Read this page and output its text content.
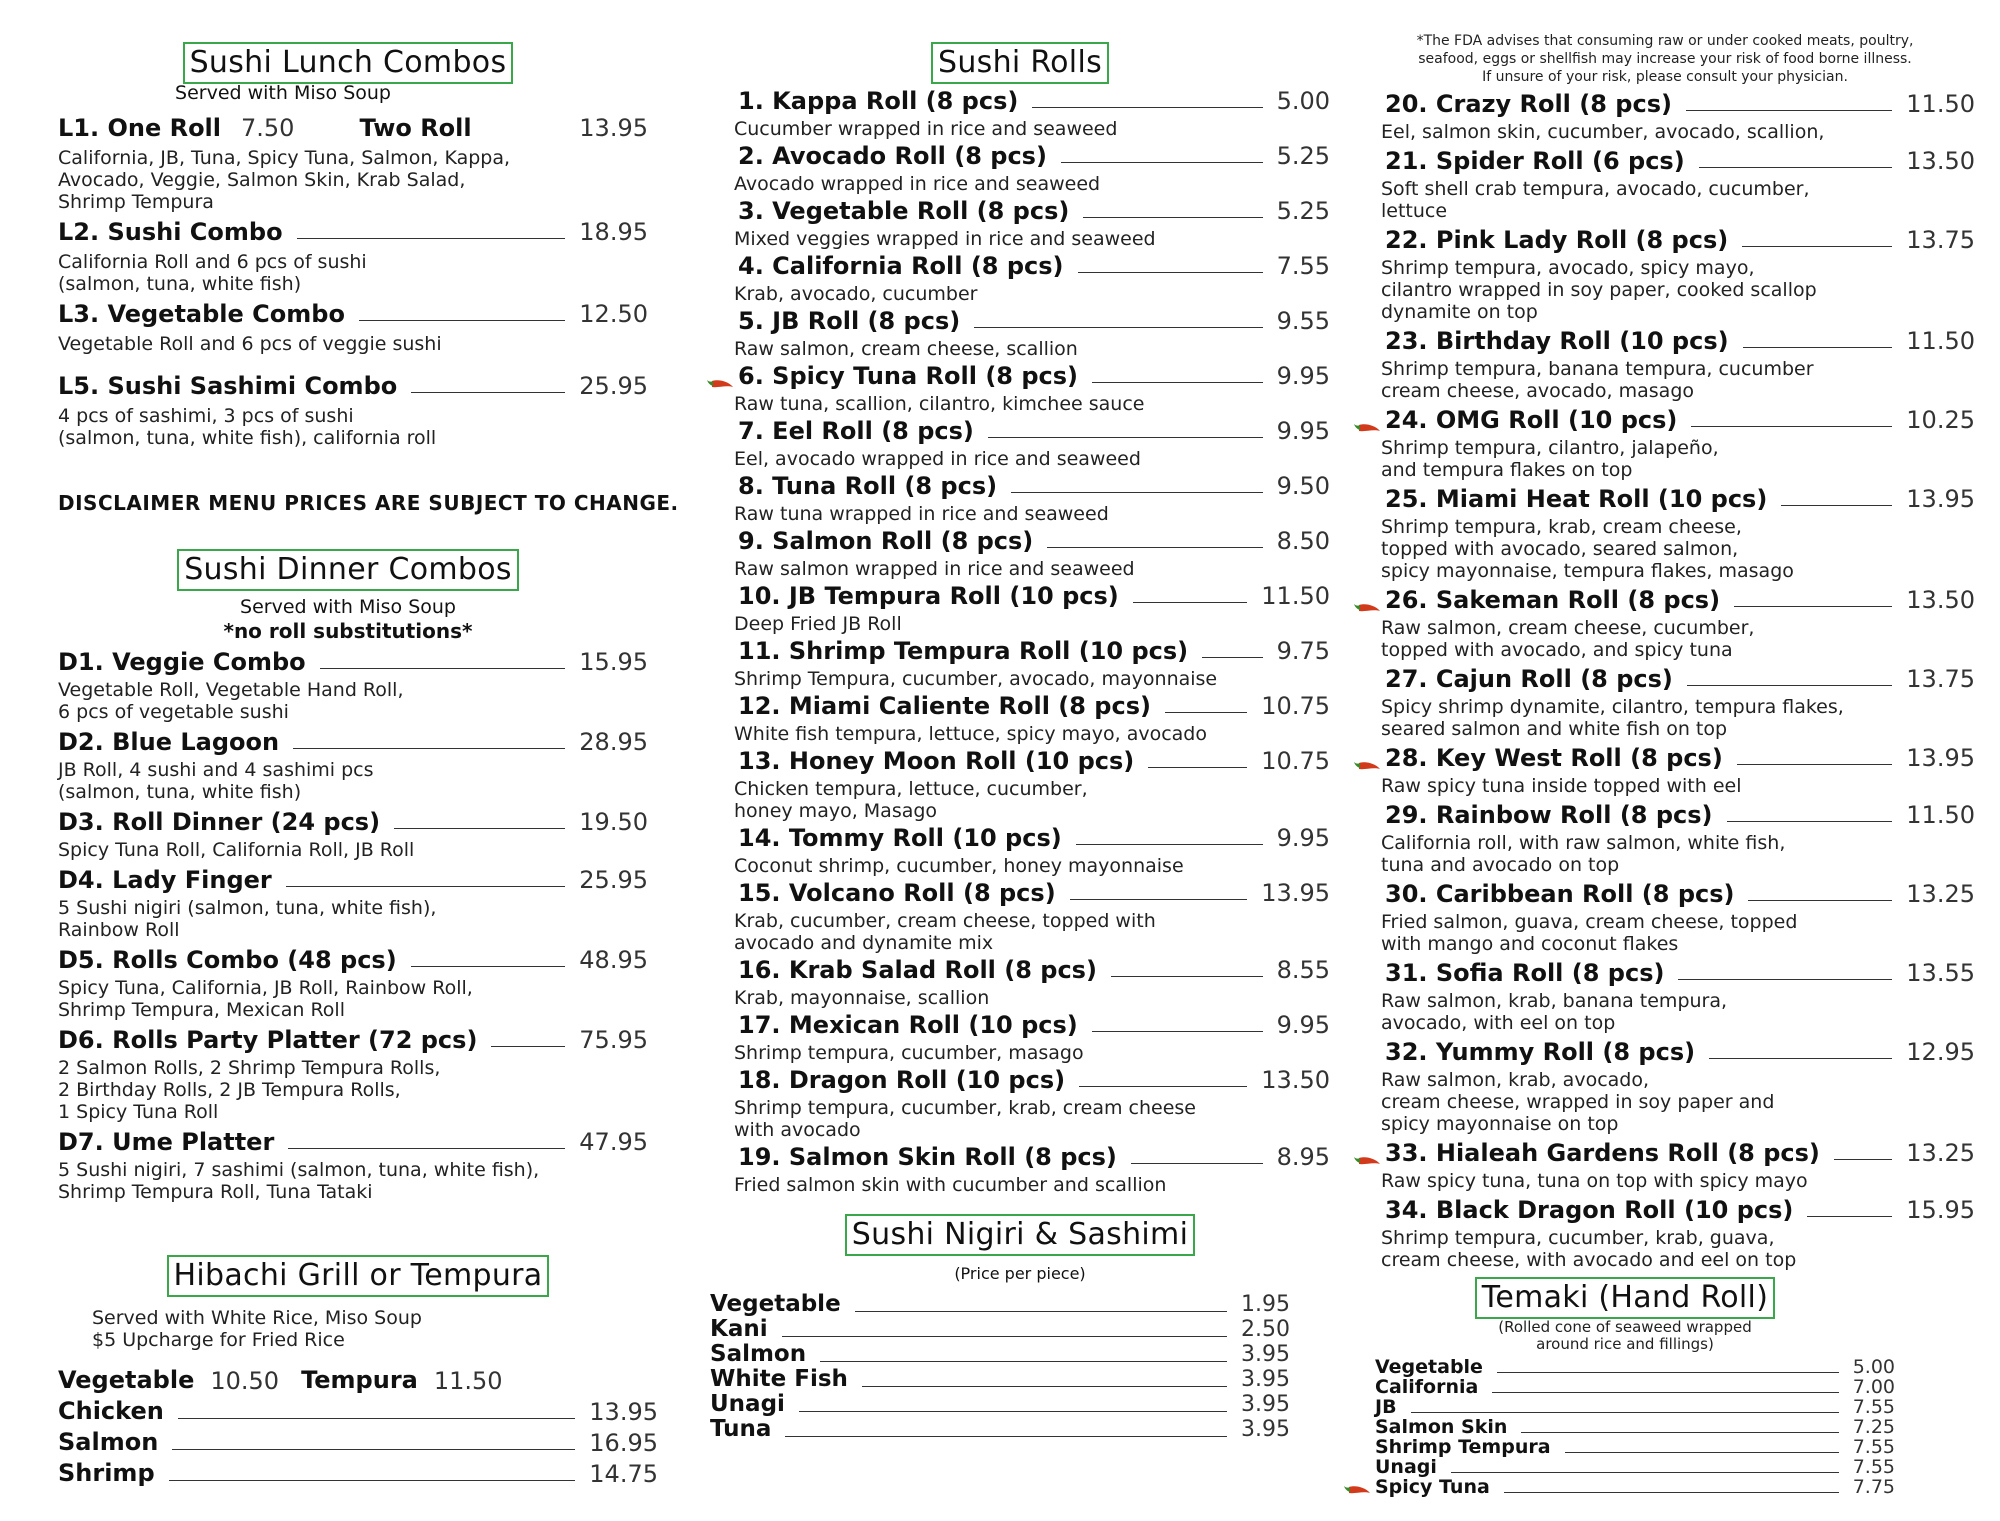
Sushi Lunch Combos
Served with Miso Soup
L1. One Roll 7.50	Two Roll	13.95
California, JB, Tuna, Spicy Tuna, Salmon, Kappa,
Avocado, Veggie, Salmon Skin, Krab Salad,
Shrimp Tempura
L2. Sushi Combo	18.95
California Roll and 6 pcs of sushi
(salmon, tuna, white fish)
L3. Vegetable Combo	12.50
Vegetable Roll and 6 pcs of veggie sushi
L5. Sushi Sashimi Combo	25.95
4 pcs of sashimi, 3 pcs of sushi
(salmon, tuna, white fish), california roll
DISCLAIMER MENU PRICES ARE SUBJECT TO CHANGE.
Sushi Dinner Combos
Served with Miso Soup
*no roll substitutions*
D1. Veggie Combo	15.95
Vegetable Roll, Vegetable Hand Roll,
6 pcs of vegetable sushi
D2. Blue Lagoon	28.95
JB Roll, 4 sushi and 4 sashimi pcs
(salmon, tuna, white fish)
D3. Roll Dinner (24 pcs)	19.50
Spicy Tuna Roll, California Roll, JB Roll
D4. Lady Finger	25.95
5 Sushi nigiri (salmon, tuna, white fish),
Rainbow Roll
D5. Rolls Combo (48 pcs)	48.95
Spicy Tuna, California, JB Roll, Rainbow Roll,
Shrimp Tempura, Mexican Roll
D6. Rolls Party Platter (72 pcs)	75.95
2 Salmon Rolls, 2 Shrimp Tempura Rolls,
2 Birthday Rolls, 2 JB Tempura Rolls,
1 Spicy Tuna Roll
D7. Ume Platter	47.95
5 Sushi nigiri, 7 sashimi (salmon, tuna, white fish),
Shrimp Tempura Roll, Tuna Tataki
Hibachi Grill or Tempura
Served with White Rice, Miso Soup
$5 Upcharge for Fried Rice
Vegetable 10.50 Tempura 11.50
Chicken	13.95
Salmon	16.95
Shrimp	14.75
Sushi Rolls
1. Kappa Roll (8 pcs)	5.00
Cucumber wrapped in rice and seaweed
2. Avocado Roll (8 pcs)	5.25
Avocado wrapped in rice and seaweed
3. Vegetable Roll (8 pcs)	5.25
Mixed veggies wrapped in rice and seaweed
4. California Roll (8 pcs)	7.55
Krab, avocado, cucumber
5. JB Roll (8 pcs)	9.55
Raw salmon, cream cheese, scallion
6. Spicy Tuna Roll (8 pcs)	9.95
Raw tuna, scallion, cilantro, kimchee sauce
7. Eel Roll (8 pcs)	9.95
Eel, avocado wrapped in rice and seaweed
8. Tuna Roll (8 pcs)	9.50
Raw tuna wrapped in rice and seaweed
9. Salmon Roll (8 pcs)	8.50
Raw salmon wrapped in rice and seaweed
10. JB Tempura Roll (10 pcs)	11.50
Deep Fried JB Roll
11. Shrimp Tempura Roll (10 pcs)	9.75
Shrimp Tempura, cucumber, avocado, mayonnaise
12. Miami Caliente Roll (8 pcs)	10.75
White fish tempura, lettuce, spicy mayo, avocado
13. Honey Moon Roll (10 pcs)	10.75
Chicken tempura, lettuce, cucumber,
honey mayo, Masago
14. Tommy Roll (10 pcs)	9.95
Coconut shrimp, cucumber, honey mayonnaise
15. Volcano Roll (8 pcs)	13.95
Krab, cucumber, cream cheese, topped with
avocado and dynamite mix
16. Krab Salad Roll (8 pcs)	8.55
Krab, mayonnaise, scallion
17. Mexican Roll (10 pcs)	9.95
Shrimp tempura, cucumber, masago
18. Dragon Roll (10 pcs)	13.50
Shrimp tempura, cucumber, krab, cream cheese
with avocado
19. Salmon Skin Roll (8 pcs)	8.95
Fried salmon skin with cucumber and scallion
Sushi Nigiri & Sashimi
(Price per piece)
Vegetable	1.95
Kani	2.50
Salmon	3.95
White Fish	3.95
Unagi	3.95
Tuna	3.95
*The FDA advises that consuming raw or under cooked meats, poultry,
seafood, eggs or shellfish may increase your risk of food borne illness.
If unsure of your risk, please consult your physician.
20. Crazy Roll (8 pcs)	11.50
Eel, salmon skin, cucumber, avocado, scallion,
21. Spider Roll (6 pcs)	13.50
Soft shell crab tempura, avocado, cucumber,
lettuce
22. Pink Lady Roll (8 pcs)	13.75
Shrimp tempura, avocado, spicy mayo,
cilantro wrapped in soy paper, cooked scallop
dynamite on top
23. Birthday Roll (10 pcs)	11.50
Shrimp tempura, banana tempura, cucumber
cream cheese, avocado, masago
24. OMG Roll (10 pcs)	10.25
Shrimp tempura, cilantro, jalapeño,
and tempura flakes on top
25. Miami Heat Roll (10 pcs)	13.95
Shrimp tempura, krab, cream cheese,
topped with avocado, seared salmon,
spicy mayonnaise, tempura flakes, masago
26. Sakeman Roll (8 pcs)	13.50
Raw salmon, cream cheese, cucumber,
topped with avocado, and spicy tuna
27. Cajun Roll (8 pcs)	13.75
Spicy shrimp dynamite, cilantro, tempura flakes,
seared salmon and white fish on top
28. Key West Roll (8 pcs)	13.95
Raw spicy tuna inside topped with eel
29. Rainbow Roll (8 pcs)	11.50
California roll, with raw salmon, white fish,
tuna and avocado on top
30. Caribbean Roll (8 pcs)	13.25
Fried salmon, guava, cream cheese, topped
with mango and coconut flakes
31. Sofia Roll (8 pcs)	13.55
Raw salmon, krab, banana tempura,
avocado, with eel on top
32. Yummy Roll (8 pcs)	12.95
Raw salmon, krab, avocado,
cream cheese, wrapped in soy paper and
spicy mayonnaise on top
33. Hialeah Gardens Roll (8 pcs)	13.25
Raw spicy tuna, tuna on top with spicy mayo
34. Black Dragon Roll (10 pcs)	15.95
Shrimp tempura, cucumber, krab, guava,
cream cheese, with avocado and eel on top
Temaki (Hand Roll)
(Rolled cone of seaweed wrapped
around rice and fillings)
Vegetable	5.00
California	7.00
JB	7.55
Salmon Skin	7.25
Shrimp Tempura	7.55
Unagi	7.55
Spicy Tuna	7.75
